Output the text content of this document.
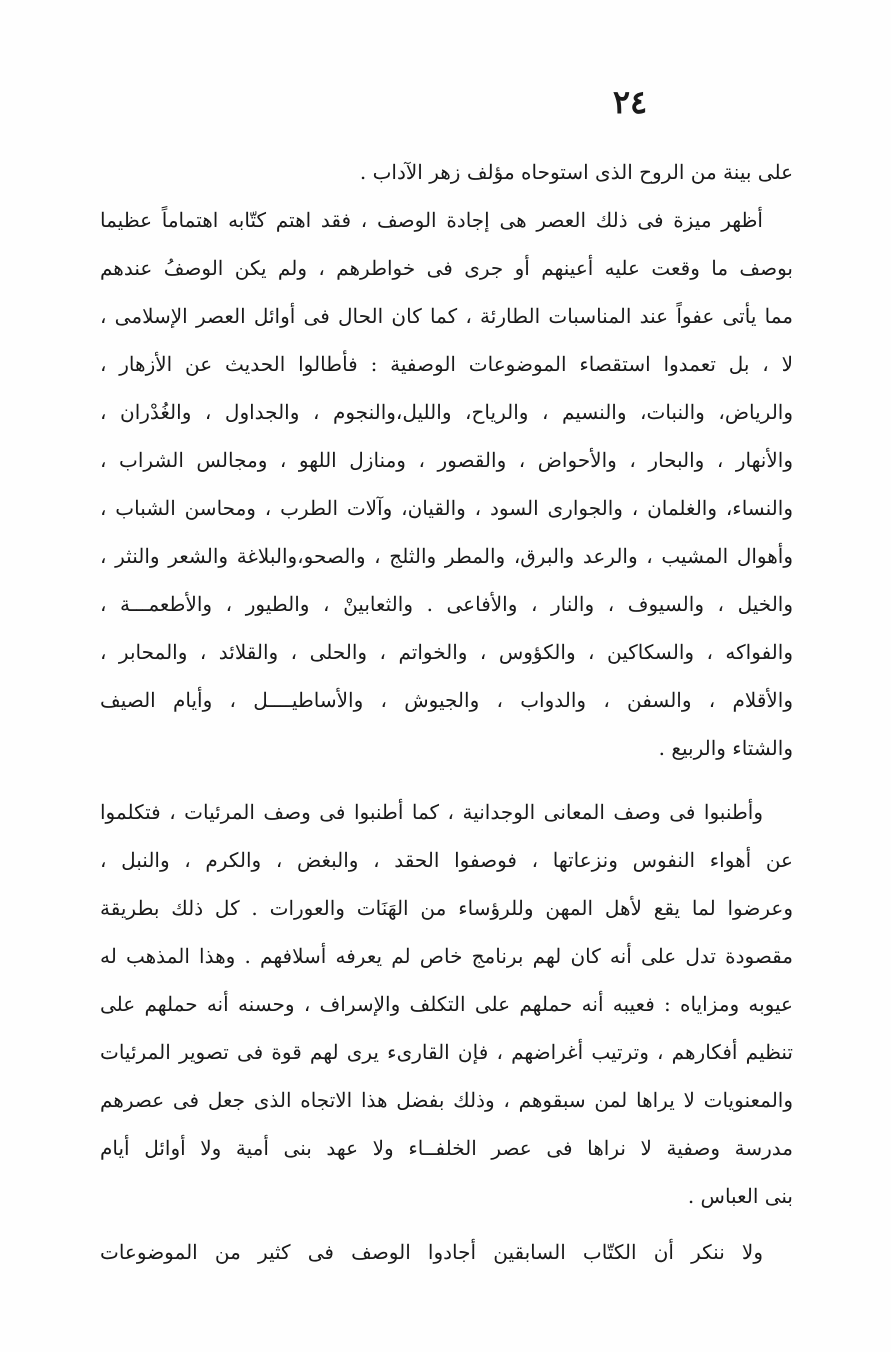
٢٤
على بينة من الروح الذى استوحاه مؤلف زهر الآداب .
أظهر ميزة فى ذلك العصر هى إجادة الوصف ، فقد اهتم كتّابه اهتماماً عظيما
بوصف ما وقعت عليه أعينهم أو جرى فى خواطرهم ، ولم يكن الوصفُ عندهم
مما يأتى عفواً عند المناسبات الطارئة ، كما كان الحال فى أوائل العصر الإسلامى ،
لا ، بل تعمدوا استقصاء الموضوعات الوصفية : فأطالوا الحديث عن الأزهار ،
والرياض، والنبات، والنسيم ، والرياح، والليل،والنجوم ، والجداول ، والغُدْران ،
والأنهار ، والبحار ، والأحواض ، والقصور ، ومنازل اللهو ، ومجالس الشراب ،
والنساء، والغلمان ، والجوارى السود ، والقيان، وآلات الطرب ، ومحاسن الشباب ،
وأهوال المشيب ، والرعد والبرق، والمطر والثلج ، والصحو،والبلاغة والشعر والنثر ،
والخيل ، والسيوف ، والنار ، والأفاعى . والثعابينْ ، والطيور ، والأطعمـــة ،
والفواكه ، والسكاكين ، والكؤوس ، والخواتم ، والحلى ، والقلائد ، والمحابر ،
والأقلام ، والسفن ، والدواب ، والجيوش ، والأساطيــــل ، وأيام الصيف
والشتاء والربيع .
وأطنبوا فى وصف المعانى الوجدانية ، كما أطنبوا فى وصف المرئيات ، فتكلموا
عن أهواء النفوس ونزعاتها ، فوصفوا الحقد ، والبغض ، والكرم ، والنبل ،
وعرضوا لما يقع لأهل المهن وللرؤساء من الهَنَات والعورات . كل ذلك بطريقة
مقصودة تدل على أنه كان لهم برنامج خاص لم يعرفه أسلافهم . وهذا المذهب له
عيوبه ومزاياه : فعيبه أنه حملهم على التكلف والإسراف ، وحسنه أنه حملهم على
تنظيم أفكارهم ، وترتيب أغراضهم ، فإن القارىء يرى لهم قوة فى تصوير المرئيات
والمعنويات لا يراها لمن سبقوهم ، وذلك بفضل هذا الاتجاه الذى جعل فى عصرهم
مدرسة وصفية لا نراها فى عصر الخلفــاء ولا عهد بنى أمية ولا أوائل أيام
بنى العباس .
ولا ننكر أن الكتّاب السابقين أجادوا الوصف فى كثير من الموضوعات
